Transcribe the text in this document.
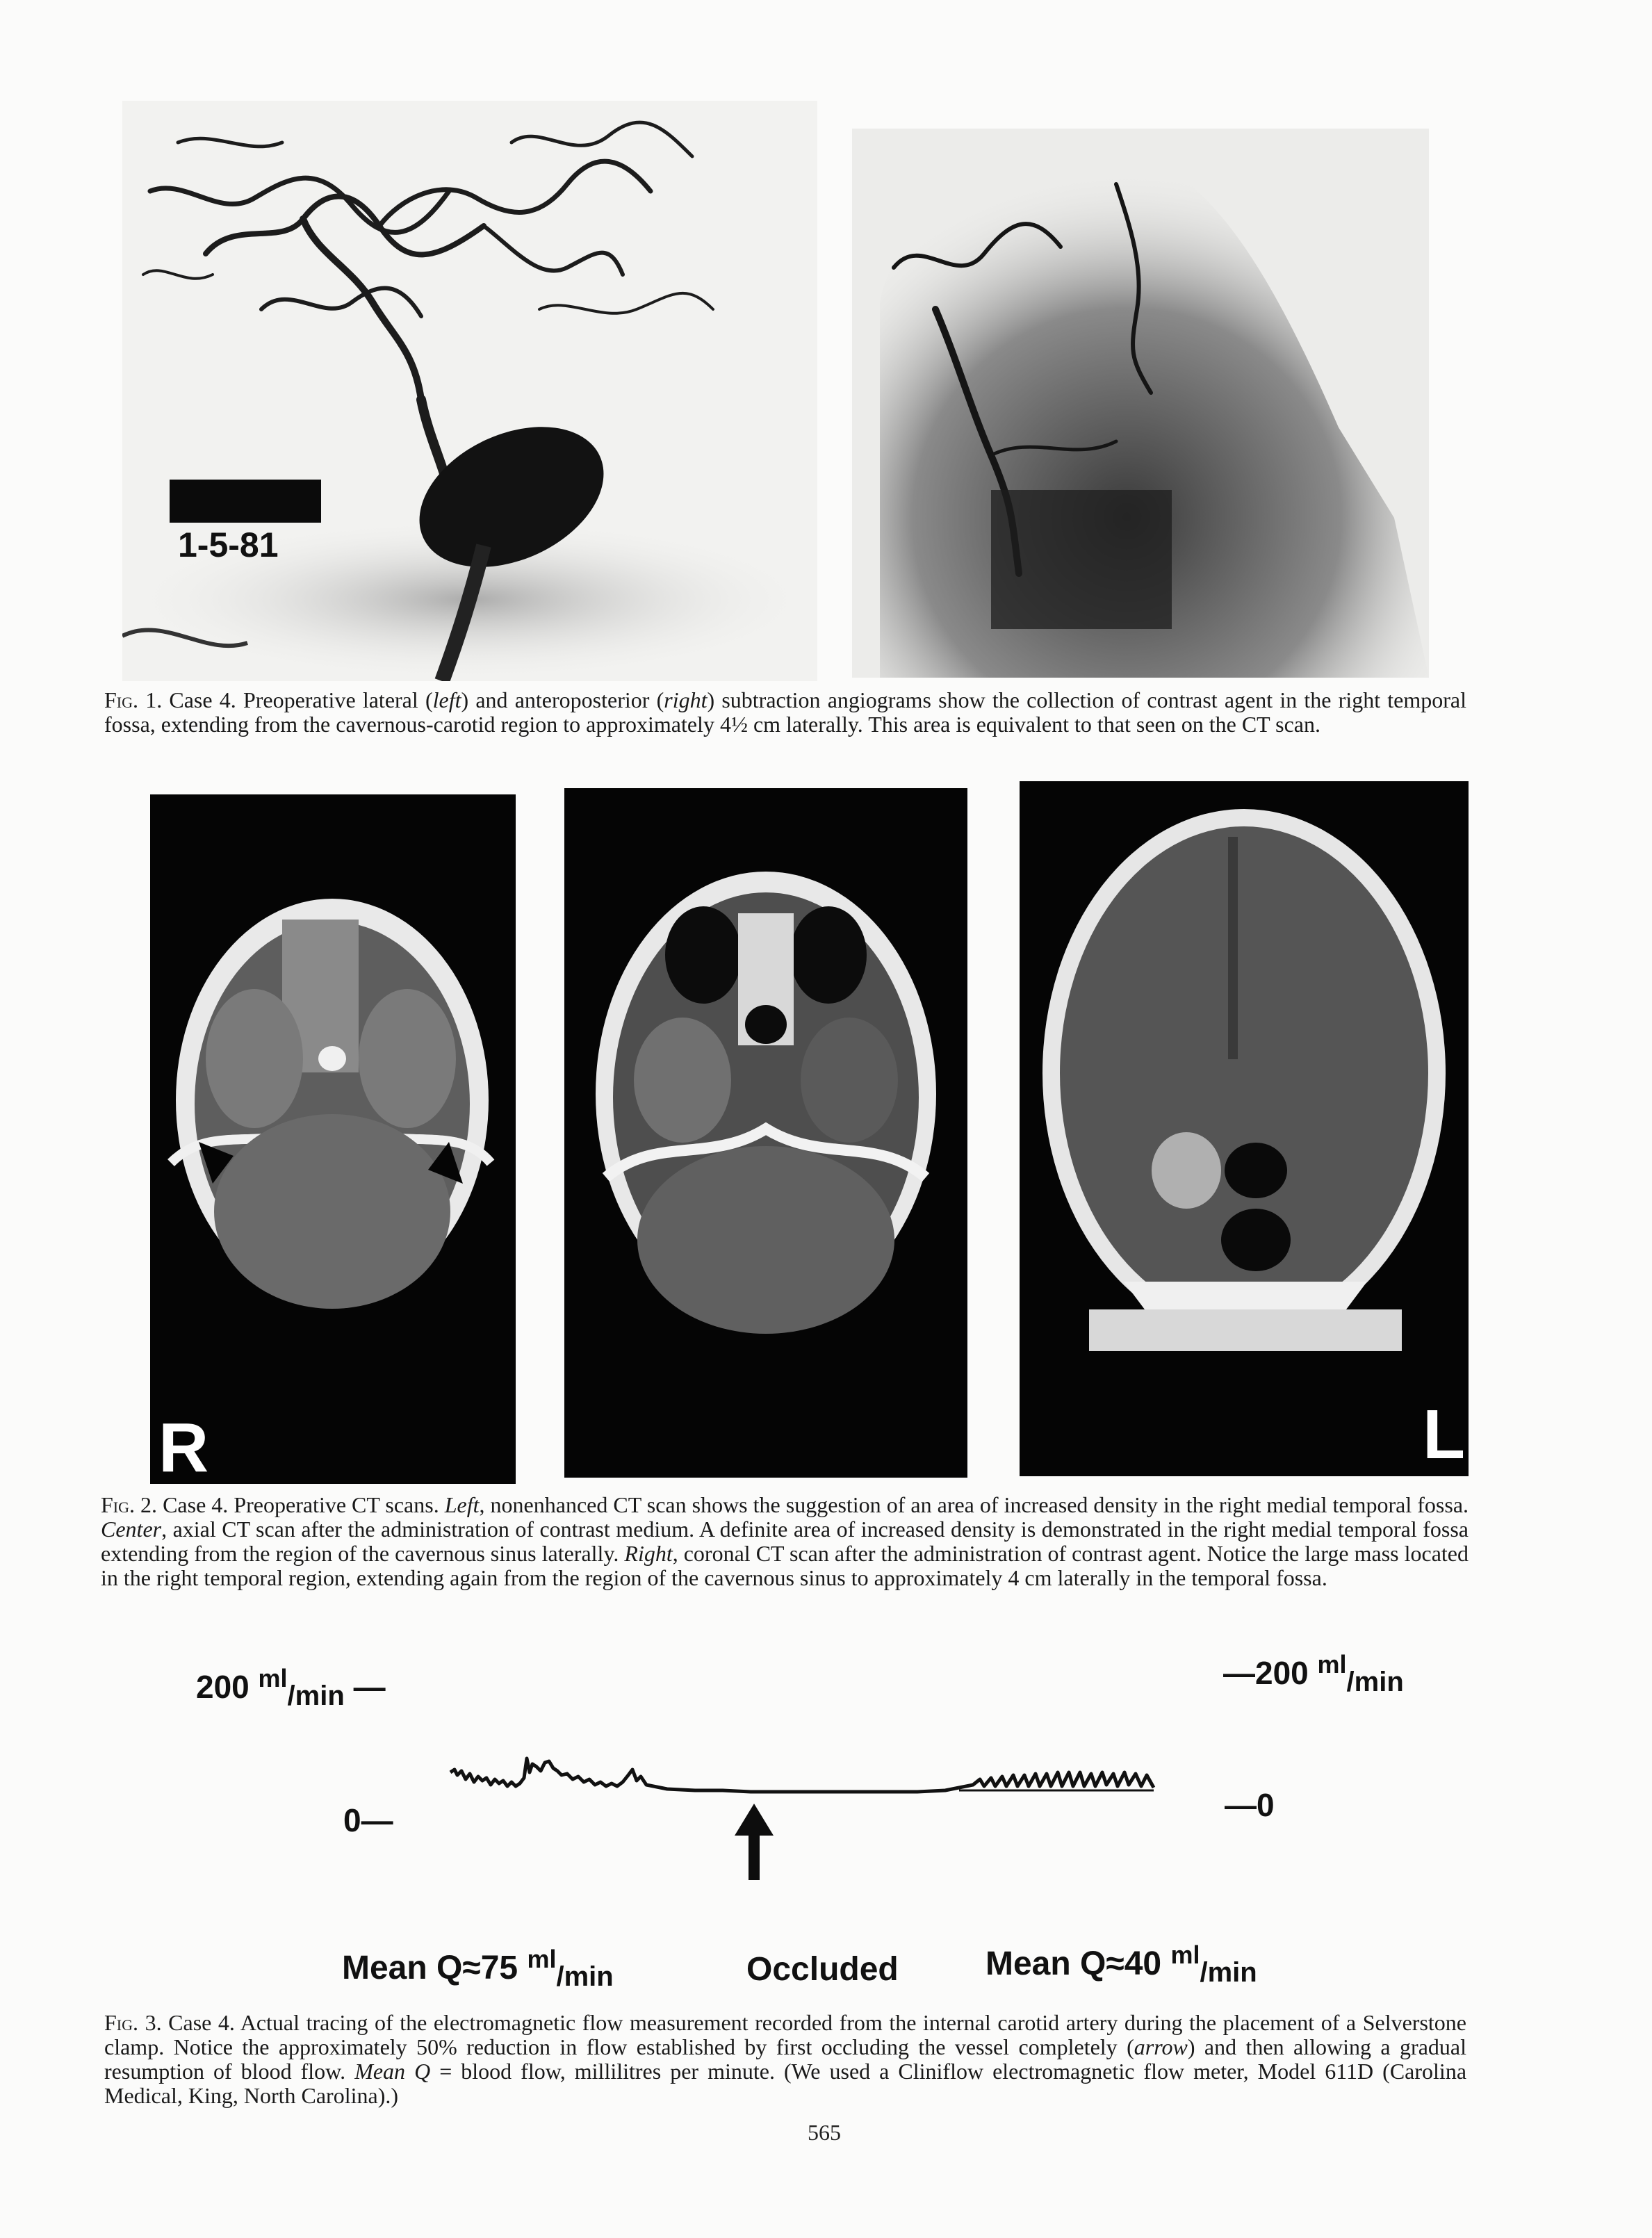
1-5-81
Fig. 1. Case 4. Preoperative lateral (left) and anteroposterior (right) subtraction angiograms show the collection of contrast agent in the right temporal fossa, extending from the cavernous-carotid region to approximately 4½ cm laterally. This area is equivalent to that seen on the CT scan.
R	L
Fig. 2. Case 4. Preoperative CT scans. Left, nonenhanced CT scan shows the suggestion of an area of increased density in the right medial temporal fossa. Center, axial CT scan after the administration of contrast medium. A definite area of increased density is demonstrated in the right medial temporal fossa extending from the region of the cavernous sinus laterally. Right, coronal CT scan after the administration of contrast agent. Notice the large mass located in the right temporal region, extending again from the region of the cavernous sinus to approximately 4 cm laterally in the temporal fossa.
200 $^{ml}$/min —	—200 $^{ml}$/min
0—	—0
Mean Q≈75 $^{ml}_{/min}$	Occluded	Mean Q≈40 $^{ml}_{/min}$
Fig. 3. Case 4. Actual tracing of the electromagnetic flow measurement recorded from the internal carotid artery during the placement of a Selverstone clamp. Notice the approximately 50% reduction in flow established by first occluding the vessel completely (arrow) and then allowing a gradual resumption of blood flow. Mean Q = blood flow, millilitres per minute. (We used a Cliniflow electromagnetic flow meter, Model 611D (Carolina Medical, King, North Carolina).)
565
